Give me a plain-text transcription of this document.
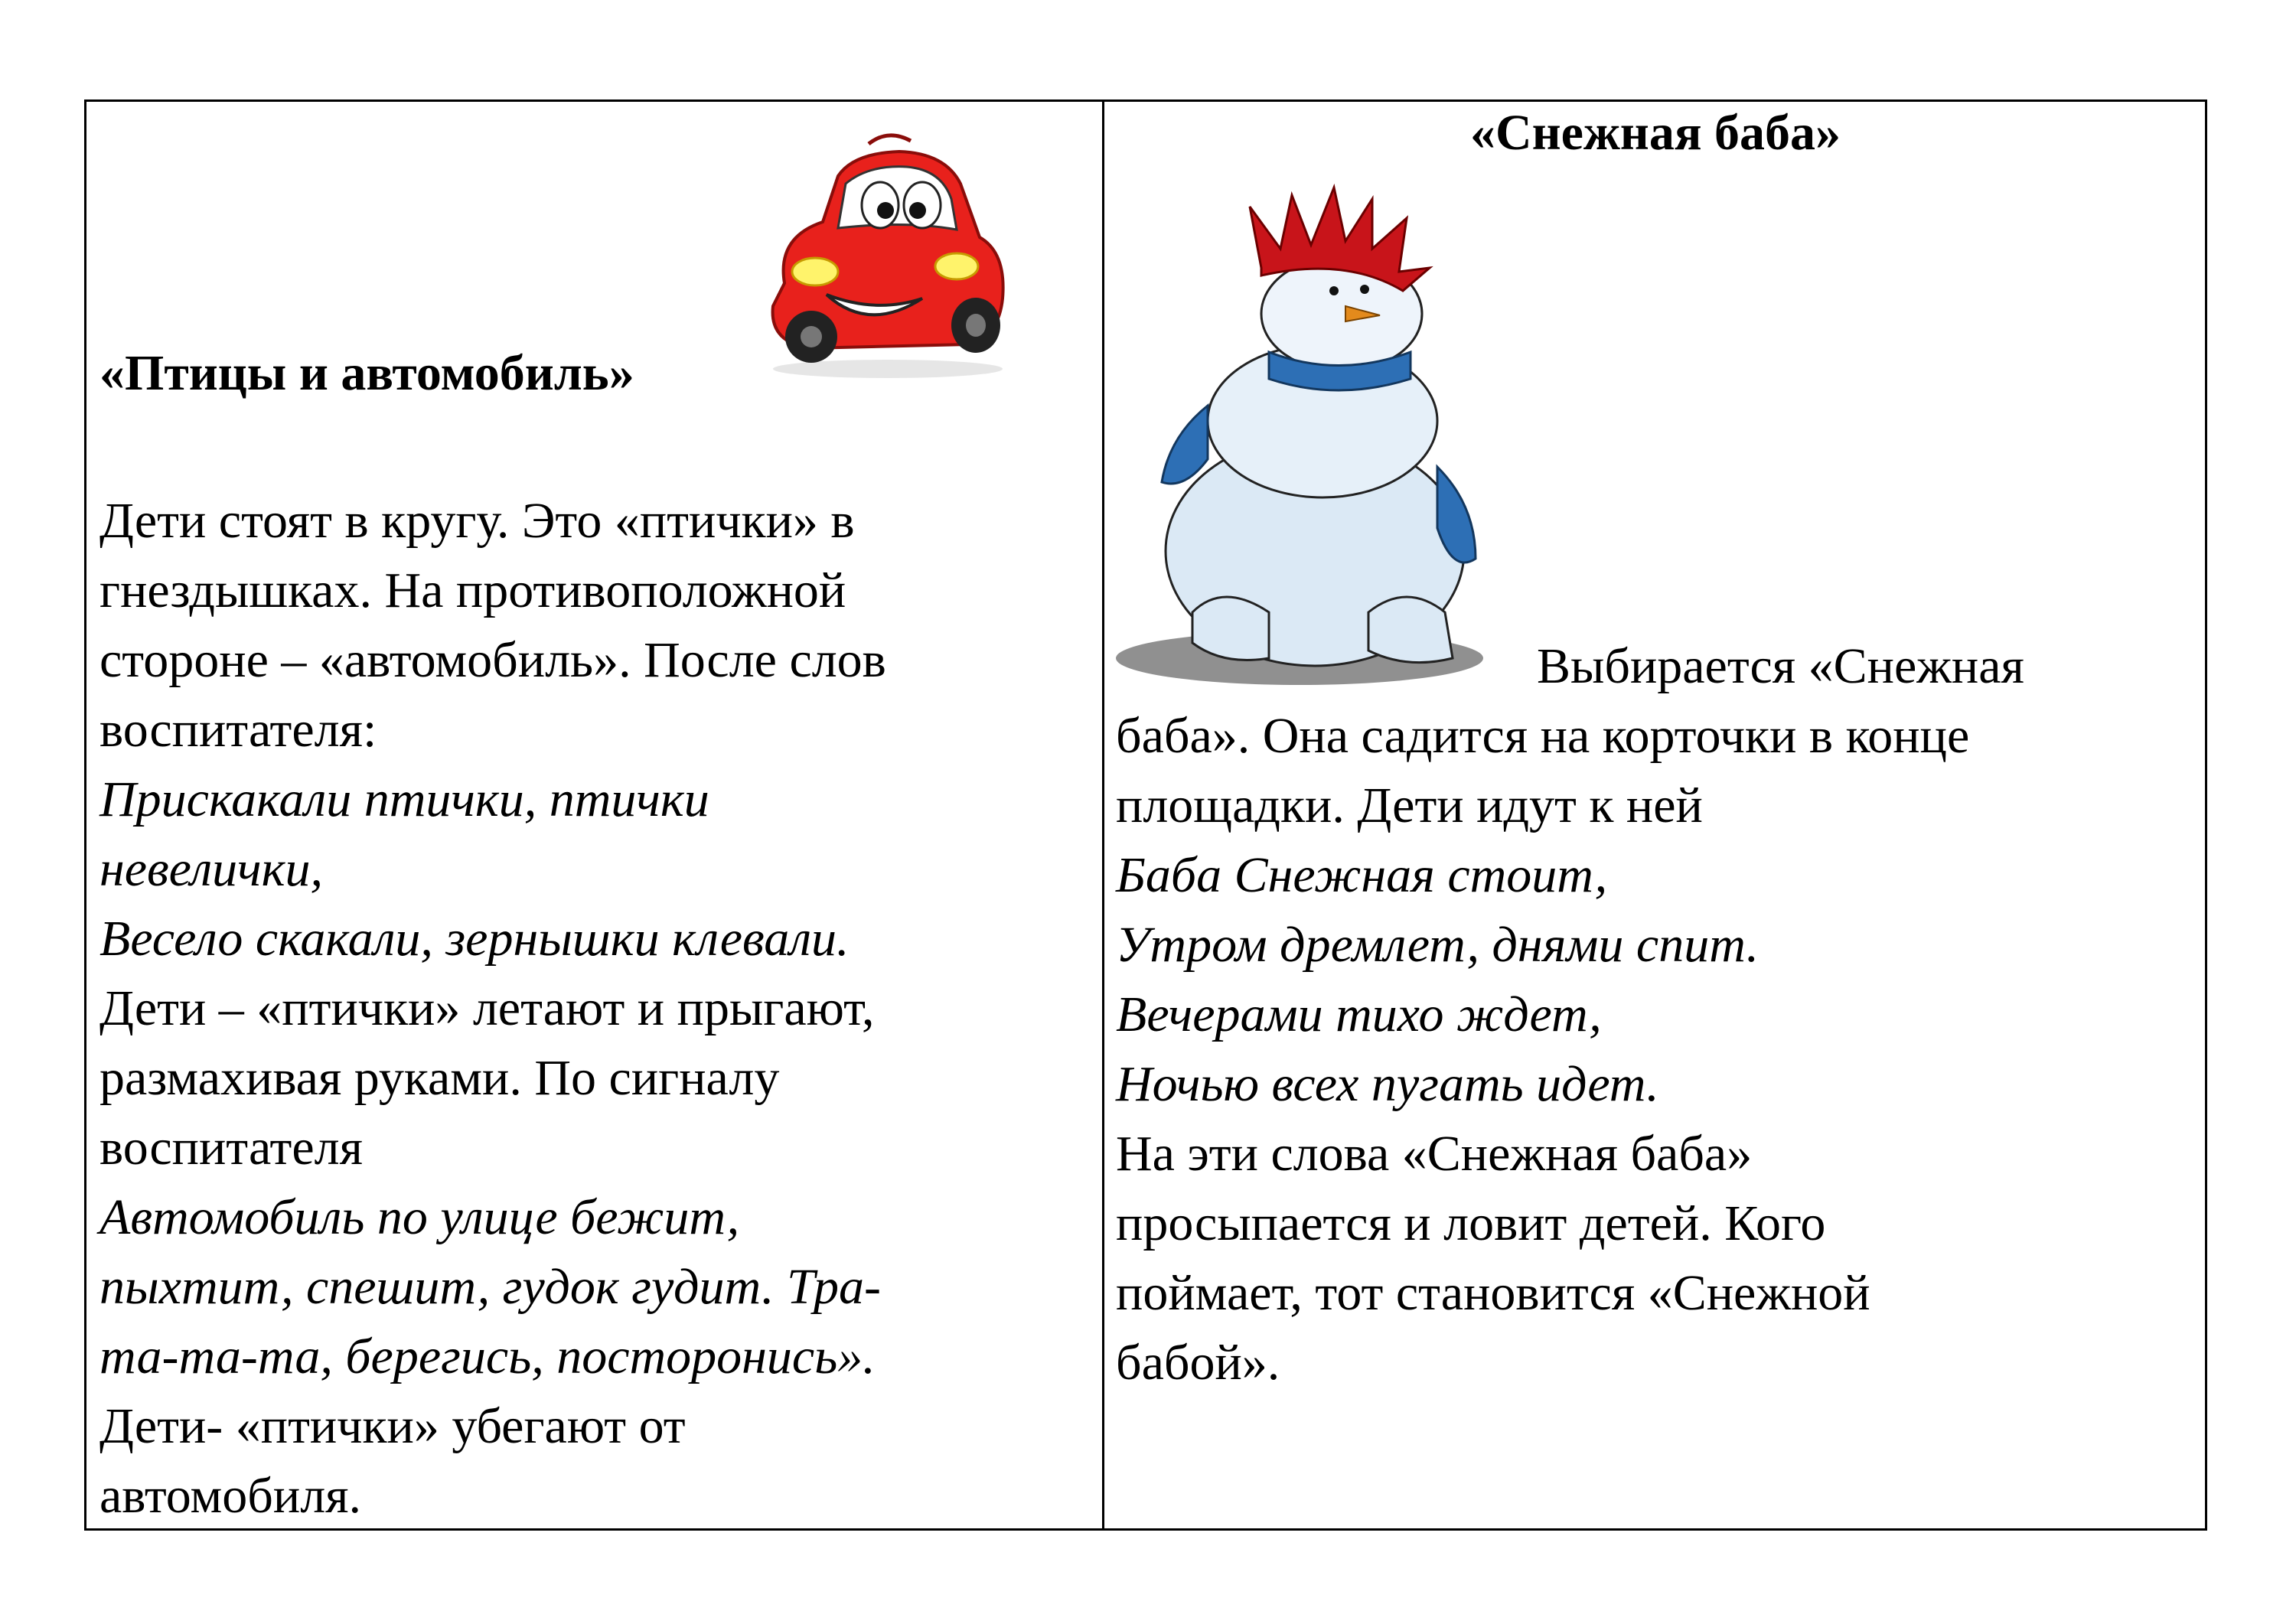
«Птицы и автомобиль»
Дети стоят в кругу. Это «птички» в
гнездышках. На противоположной
стороне – «автомобиль». После слов
воспитателя:
Прискакали птички, птички
невелички,
Весело скакали, зернышки клевали.
Дети – «птички» летают и прыгают,
размахивая руками. По сигналу
воспитателя
Автомобиль по улице бежит,
пыхтит, спешит, гудок гудит. Тра-
та-та-та, берегись, посторонись».
Дети- «птички» убегают от
автомобиля.
«Снежная баба»
Выбирается «Снежная
баба». Она садится на корточки в конце
площадки. Дети идут к ней
Баба Снежная стоит,
Утром дремлет, днями спит.
Вечерами тихо ждет,
Ночью всех пугать идет.
На эти слова «Снежная баба»
просыпается и ловит детей. Кого
поймает, тот становится «Снежной
бабой».
